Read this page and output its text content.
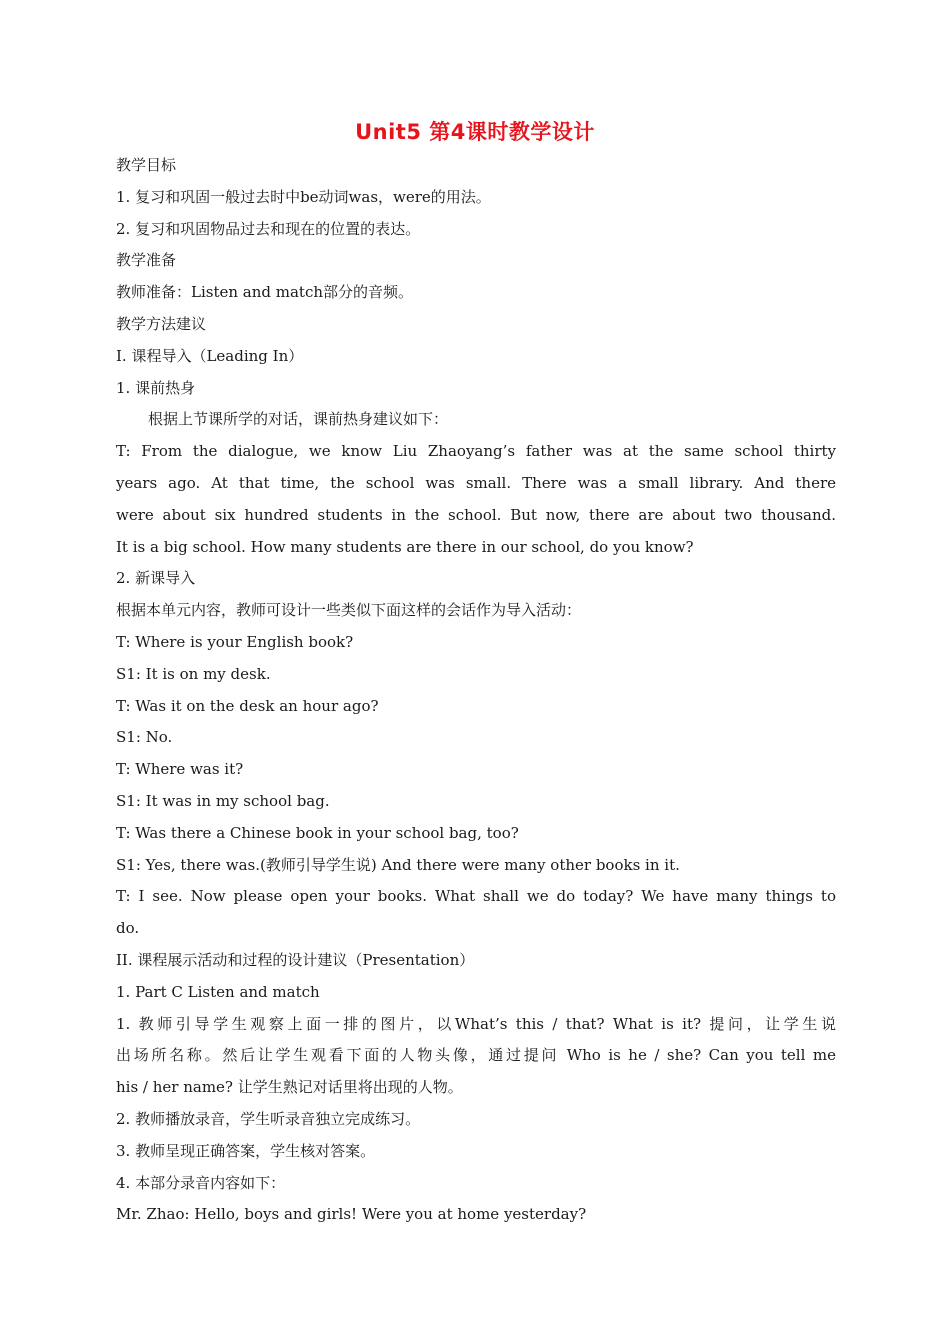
Unit5 第4课时教学设计
教学目标
1. 复习和巩固一般过去时中be动词was，were的用法。
2. 复习和巩固物品过去和现在的位置的表达。
教学准备
教师准备：Listen and match部分的音频。
教学方法建议
I. 课程导入（Leading In）
1. 课前热身
根据上节课所学的对话，课前热身建议如下：
T: From the dialogue, we know Liu Zhaoyang’s father was at the same school thirty
years ago. At that time, the school was small. There was a small library. And there
were about six hundred students in the school. But now, there are about two thousand.
It is a big school. How many students are there in our school, do you know?
2. 新课导入
根据本单元内容，教师可设计一些类似下面这样的会话作为导入活动：
T: Where is your English book?
S1: It is on my desk.
T: Was it on the desk an hour ago?
S1: No.
T: Where was it?
S1: It was in my school bag.
T: Was there a Chinese book in your school bag, too?
S1: Yes, there was.(教师引导学生说) And there were many other books in it.
T: I see. Now please open your books. What shall we do today? We have many things to
do.
II. 课程展示活动和过程的设计建议（Presentation）
1. Part C Listen and match
1. 教师引导学生观察上面一排的图片，以What’s this / that? What is it? 提问，让学生说
出场所名称。然后让学生观看下面的人物头像，通过提问 Who is he / she? Can you tell me
his / her name? 让学生熟记对话里将出现的人物。
2. 教师播放录音，学生听录音独立完成练习。
3. 教师呈现正确答案，学生核对答案。
4. 本部分录音内容如下：
Mr. Zhao: Hello, boys and girls! Were you at home yesterday?
